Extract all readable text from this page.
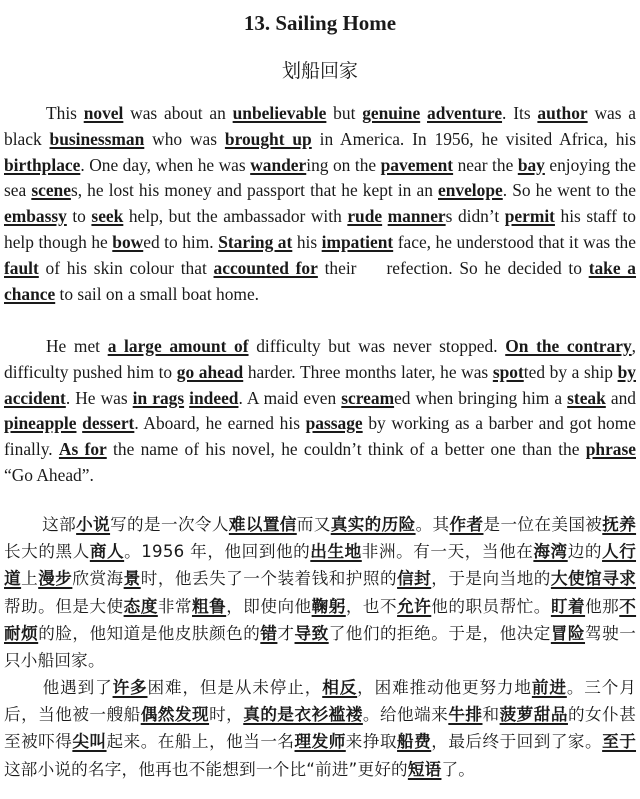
13. Sailing Home
划船回家

This novel was about an unbelievable but genuine adventure. Its author was a black businessman who was brought up in America. In 1956, he visited Africa, his birthplace. One day, when he was wandering on the pavement near the bay enjoying the sea scenes, he lost his money and passport that he kept in an envelope. So he went to the embassy to seek help, but the ambassador with rude manners didn’t permit his staff to help though he bowed to him. Staring at his impatient face, he understood that it was the fault of his skin colour that accounted for their refection. So he decided to take a chance to sail on a small boat home.

He met a large amount of difficulty but was never stopped. On the contrary, difficulty pushed him to go ahead harder. Three months later, he was spotted by a ship by accident. He was in rags indeed. A maid even screamed when bringing him a steak and pineapple dessert. Aboard, he earned his passage by working as a barber and got home finally. As for the name of his novel, he couldn’t think of a better one than the phrase “Go Ahead”.

这部小说写的是一次令人难以置信而又真实的历险。其作者是一位在美国被抚养长大的黑人商人。1956 年，他回到他的出生地非洲。有一天，当他在海湾边的人行道上漫步欣赏海景时，他丢失了一个装着钱和护照的信封，于是向当地的大使馆寻求帮助。但是大使态度非常粗鲁，即使向他鞠躬，也不允许他的职员帮忙。盯着他那不耐烦的脸，他知道是他皮肤颜色的错才导致了他们的拒绝。于是，他决定冒险驾驶一只小船回家。

他遇到了许多困难，但是从未停止，相反，困难推动他更努力地前进。三个月后，当他被一艘船偶然发现时，真的是衣衫褴褛。给他端来牛排和菠萝甜品的女仆甚至被吓得尖叫起来。在船上，他当一名理发师来挣取船费，最后终于回到了家。至于这部小说的名字，他再也不能想到一个比“前进”更好的短语了。
